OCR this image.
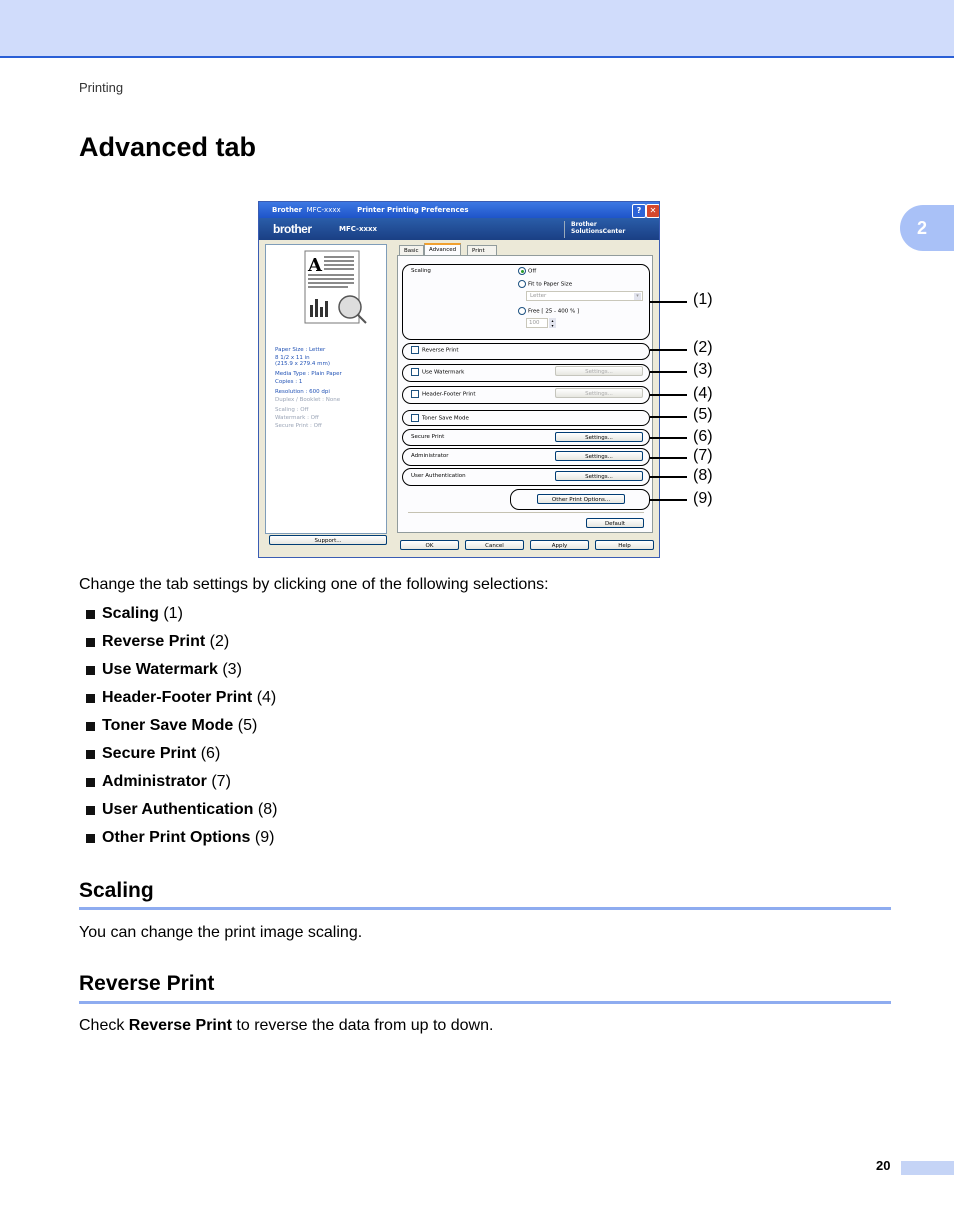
Printing
Advanced tab
2
Brother MFC-xxxx Printer Printing Preferences	?	✕
brother	MFC-xxxx
Brother
SolutionsCenter
A
Paper Size : Letter
8 1/2 x 11 in
(215.9 x 279.4 mm)
Media Type : Plain Paper
Copies : 1
Resolution : 600 dpi
Duplex / Booklet : None
Scaling : Off
Watermark : Off
Secure Print : Off
Support...
Basic	Advanced	Print
Scaling	Off
Fit to Paper Size
Letter	▾
Free [ 25 - 400 % ]
100	▴
▾
Reverse Print
Use Watermark	Settings...
Header-Footer Print	Settings...
Toner Save Mode
Secure Print	Settings...
Administrator	Settings...
User Authentication	Settings...
Other Print Options...
Default
OK	Cancel	Apply	Help
(1)
(2)
(3)
(4)
(5)
(6)
(7)
(8)
(9)
Change the tab settings by clicking one of the following selections:
Scaling (1)
Reverse Print (2)
Use Watermark (3)
Header-Footer Print (4)
Toner Save Mode (5)
Secure Print (6)
Administrator (7)
User Authentication (8)
Other Print Options (9)
Scaling
You can change the print image scaling.
Reverse Print
Check Reverse Print to reverse the data from up to down.
20
